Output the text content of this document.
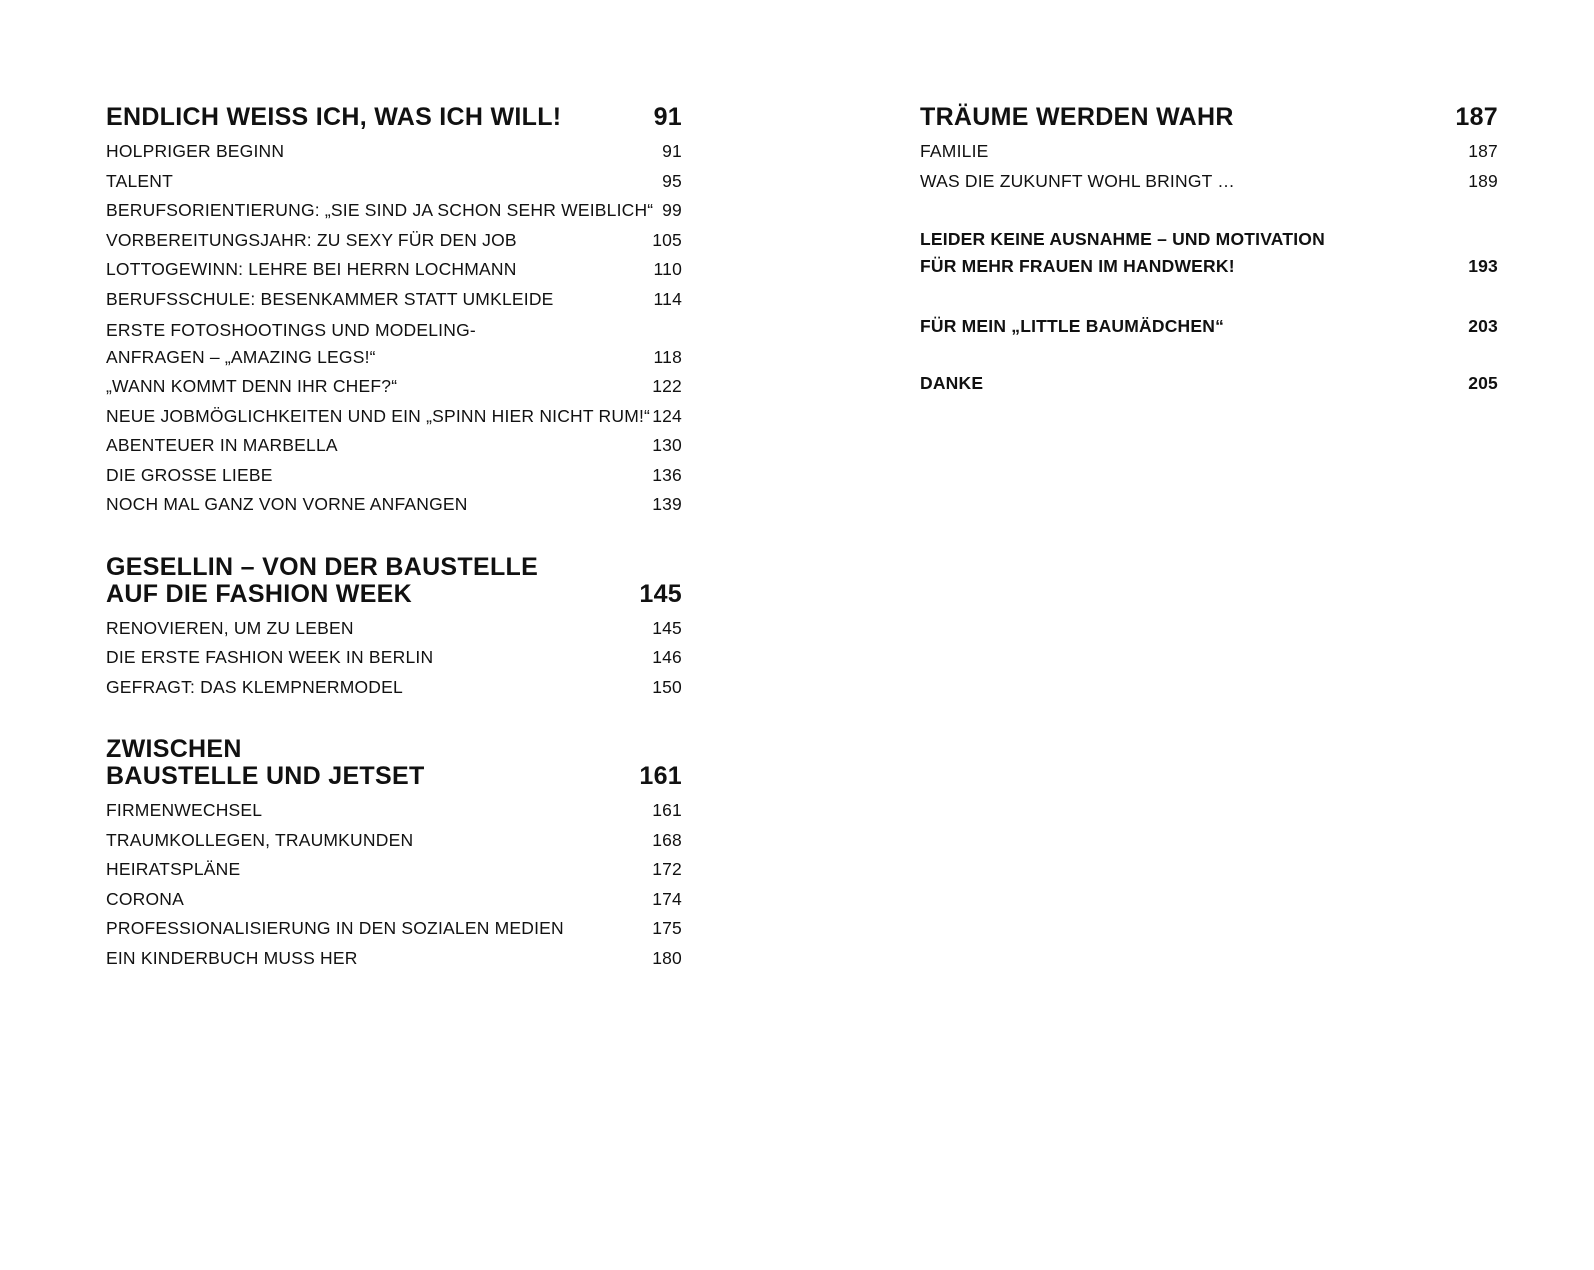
ENDLICH WEISS ICH, WAS ICH WILL!	91
HOLPRIGER BEGINN	91
TALENT	95
BERUFSORIENTIERUNG: „SIE SIND JA SCHON SEHR WEIBLICH“ 99
VORBEREITUNGSJAHR: ZU SEXY FÜR DEN JOB	105
LOTTOGEWINN: LEHRE BEI HERRN LOCHMANN	110
BERUFSSCHULE: BESENKAMMER STATT UMKLEIDE	114
ERSTE FOTOSHOOTINGS UND MODELING-
ANFRAGEN – „AMAZING LEGS!“	118
„WANN KOMMT DENN IHR CHEF?“	122
NEUE JOBMÖGLICHKEITEN UND EIN „SPINN HIER NICHT RUM!“ 124
ABENTEUER IN MARBELLA	130
DIE GROSSE LIEBE	136
NOCH MAL GANZ VON VORNE ANFANGEN	139
GESELLIN – VON DER BAUSTELLE
AUF DIE FASHION WEEK	145
RENOVIEREN, UM ZU LEBEN	145
DIE ERSTE FASHION WEEK IN BERLIN	146
GEFRAGT: DAS KLEMPNERMODEL	150
ZWISCHEN
BAUSTELLE UND JETSET	161
FIRMENWECHSEL	161
TRAUMKOLLEGEN, TRAUMKUNDEN	168
HEIRATSPLÄNE	172
CORONA	174
PROFESSIONALISIERUNG IN DEN SOZIALEN MEDIEN	175
EIN KINDERBUCH MUSS HER	180
TRÄUME WERDEN WAHR	187
FAMILIE	187
WAS DIE ZUKUNFT WOHL BRINGT …	189
LEIDER KEINE AUSNAHME – UND MOTIVATION
FÜR MEHR FRAUEN IM HANDWERK!	193
FÜR MEIN „LITTLE BAUMÄDCHEN“	203
DANKE	205
